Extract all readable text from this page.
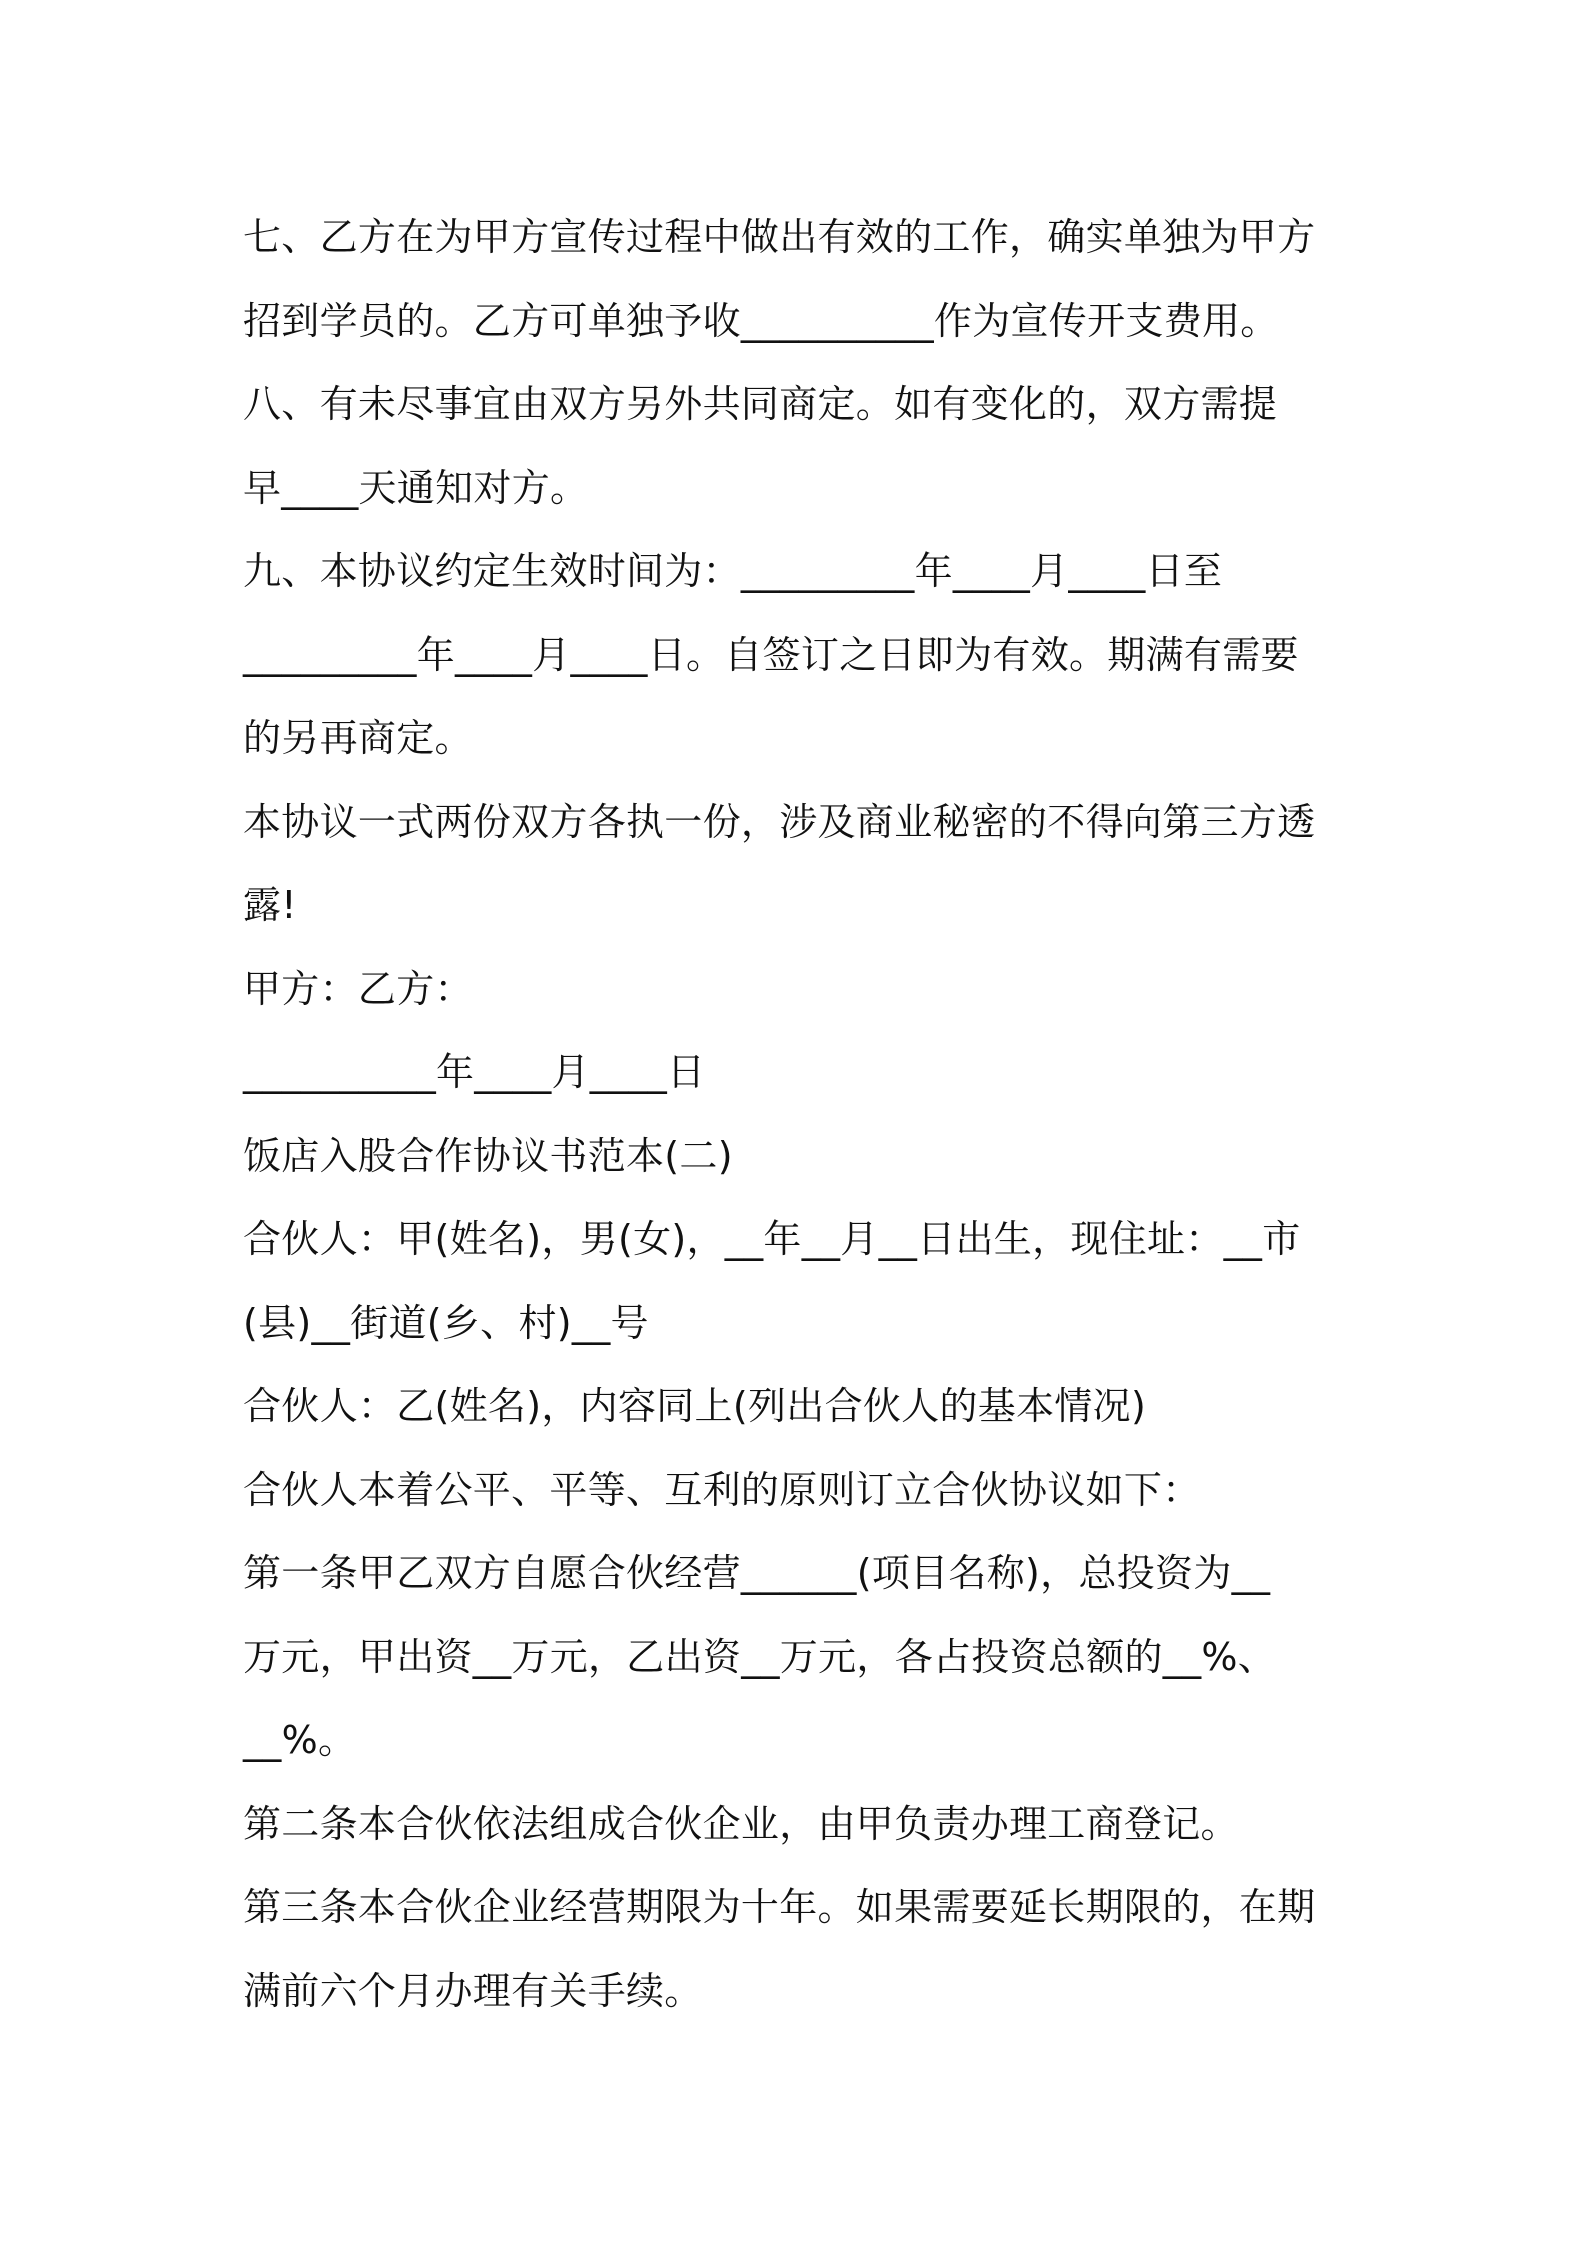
七、乙方在为甲方宣传过程中做出有效的工作，确实单独为甲方
招到学员的。乙方可单独予收__________作为宣传开支费用。
八、有未尽事宜由双方另外共同商定。如有变化的，双方需提
早____天通知对方。
九、本协议约定生效时间为：_________年____月____日至
_________年____月____日。自签订之日即为有效。期满有需要
的另再商定。
本协议一式两份双方各执一份，涉及商业秘密的不得向第三方透
露!
甲方：乙方：
__________年____月____日
饭店入股合作协议书范本(二)
合伙人：甲(姓名)，男(女)，__年__月__日出生，现住址：__市
(县)__街道(乡、村)__号
合伙人：乙(姓名)，内容同上(列出合伙人的基本情况)
合伙人本着公平、平等、互利的原则订立合伙协议如下：
第一条甲乙双方自愿合伙经营______(项目名称)，总投资为__
万元，甲出资__万元，乙出资__万元，各占投资总额的__%、
__%。
第二条本合伙依法组成合伙企业，由甲负责办理工商登记。
第三条本合伙企业经营期限为十年。如果需要延长期限的，在期
满前六个月办理有关手续。
